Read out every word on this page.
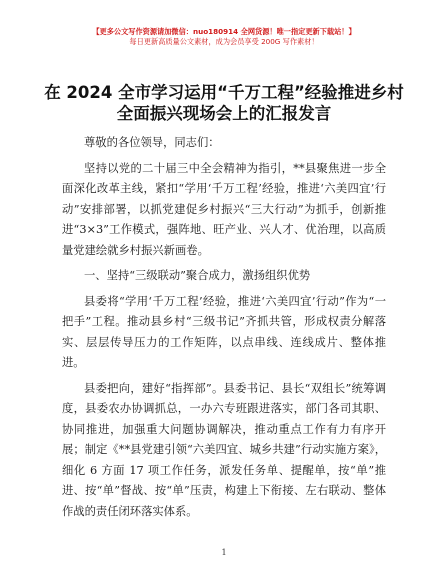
【更多公文写作资源请加微信：nuo180914 全网货源！唯一指定更新下载站！】
每日更新高质量公文素材，成为会员享受 200G 写作素材！
在 2024 全市学习运用“千万工程”经验推进乡村全面振兴现场会上的汇报发言

尊敬的各位领导，同志们：

坚持以党的二十届三中全会精神为指引，**县聚焦进一步全面深化改革主线，紧扣“学用‘千万工程’经验，推进‘六美四宜’行动”安排部署，以抓党建促乡村振兴“三大行动”为抓手，创新推进“3×3”工作模式，强阵地、旺产业、兴人才、优治理，以高质量党建绘就乡村振兴新画卷。

一、坚持“三级联动”聚合成力，激扬组织优势

县委将“学用‘千万工程’经验，推进‘六美四宜’行动”作为“一把手”工程。推动县乡村“三级书记”齐抓共管，形成权责分解落实、层层传导压力的工作矩阵，以点串线、连线成片、整体推进。

县委把向，建好“指挥部”。县委书记、县长“双组长”统筹调度，县委农办协调抓总，一办六专班跟进落实，部门各司其职、协同推进，加强重大问题协调解决，推动重点工作有力有序开展；制定《**县党建引领“六美四宜、城乡共建”行动实施方案》，细化 6 方面 17 项工作任务，派发任务单、提醒单，按“单”推进、按“单”督战、按“单”压责，构建上下衔接、左右联动、整体作战的责任闭环落实体系。

1
